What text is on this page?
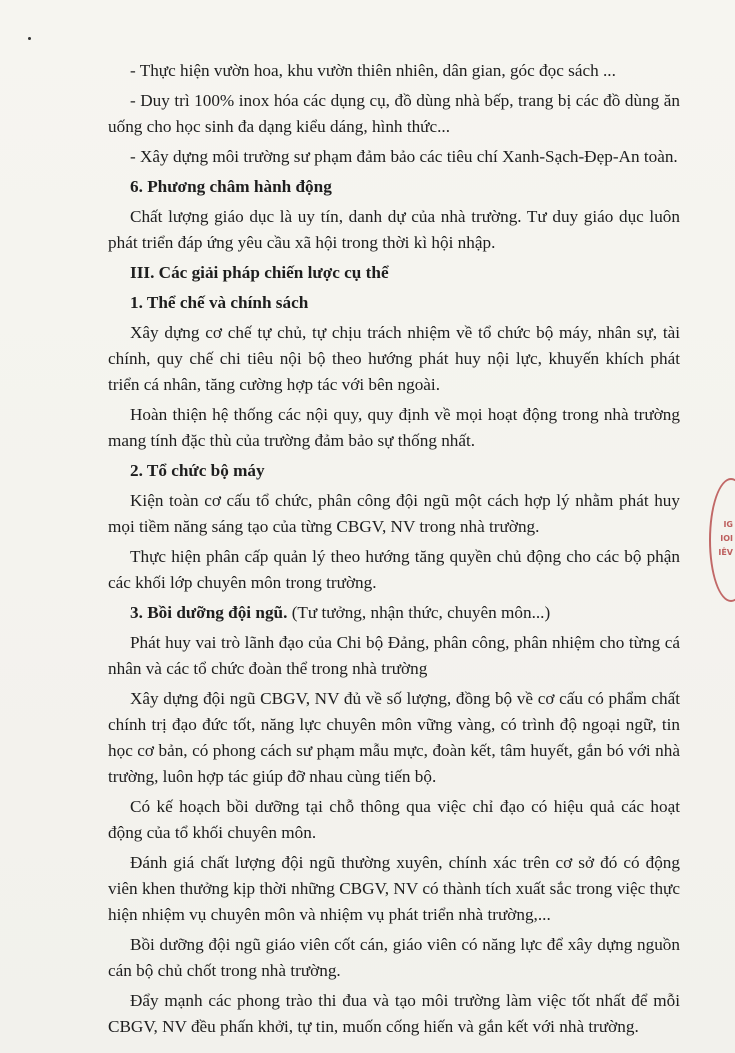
- Thực hiện vườn hoa, khu vườn thiên nhiên, dân gian, góc đọc sách ...

- Duy trì 100% inox hóa các dụng cụ, đồ dùng nhà bếp, trang bị các đồ dùng ăn uống cho học sinh đa dạng kiểu dáng, hình thức...

- Xây dựng môi trường sư phạm đảm bảo các tiêu chí Xanh-Sạch-Đẹp-An toàn.

6. Phương châm hành động

Chất lượng giáo dục là uy tín, danh dự của nhà trường. Tư duy giáo dục luôn phát triển đáp ứng yêu cầu xã hội trong thời kì hội nhập.

III. Các giải pháp chiến lược cụ thể

1. Thể chế và chính sách

Xây dựng cơ chế tự chủ, tự chịu trách nhiệm về tổ chức bộ máy, nhân sự, tài chính, quy chế chi tiêu nội bộ theo hướng phát huy nội lực, khuyến khích phát triển cá nhân, tăng cường hợp tác với bên ngoài.

Hoàn thiện hệ thống các nội quy, quy định về mọi hoạt động trong nhà trường mang tính đặc thù của trường đảm bảo sự thống nhất.

2. Tổ chức bộ máy

Kiện toàn cơ cấu tổ chức, phân công đội ngũ một cách hợp lý nhằm phát huy mọi tiềm năng sáng tạo của từng CBGV, NV trong nhà trường.

Thực hiện phân cấp quản lý theo hướng tăng quyền chủ động cho các bộ phận các khối lớp chuyên môn trong trường.

3. Bồi dưỡng đội ngũ. (Tư tưởng, nhận thức, chuyên môn...)

Phát huy vai trò lãnh đạo của Chi bộ Đảng, phân công, phân nhiệm cho từng cá nhân và các tổ chức đoàn thể trong nhà trường

Xây dựng đội ngũ CBGV, NV đủ về số lượng, đồng bộ về cơ cấu có phẩm chất chính trị đạo đức tốt, năng lực chuyên môn vững vàng, có trình độ ngoại ngữ, tin học cơ bản, có phong cách sư phạm mẫu mực, đoàn kết, tâm huyết, gắn bó với nhà trường, luôn hợp tác giúp đỡ nhau cùng tiến bộ.

Có kế hoạch bồi dưỡng tại chỗ thông qua việc chỉ đạo có hiệu quả các hoạt động của tổ khối chuyên môn.

Đánh giá chất lượng đội ngũ thường xuyên, chính xác trên cơ sở đó có động viên khen thưởng kịp thời những CBGV, NV có thành tích xuất sắc trong việc thực hiện nhiệm vụ chuyên môn và nhiệm vụ phát triển nhà trường,...

Bồi dưỡng đội ngũ giáo viên cốt cán, giáo viên có năng lực để xây dựng nguồn cán bộ chủ chốt trong nhà trường.

Đẩy mạnh các phong trào thi đua và tạo môi trường làm việc tốt nhất để mỗi CBGV, NV đều phấn khởi, tự tin, muốn cống hiến và gắn kết với nhà trường.

IG
IOI
IÊV
